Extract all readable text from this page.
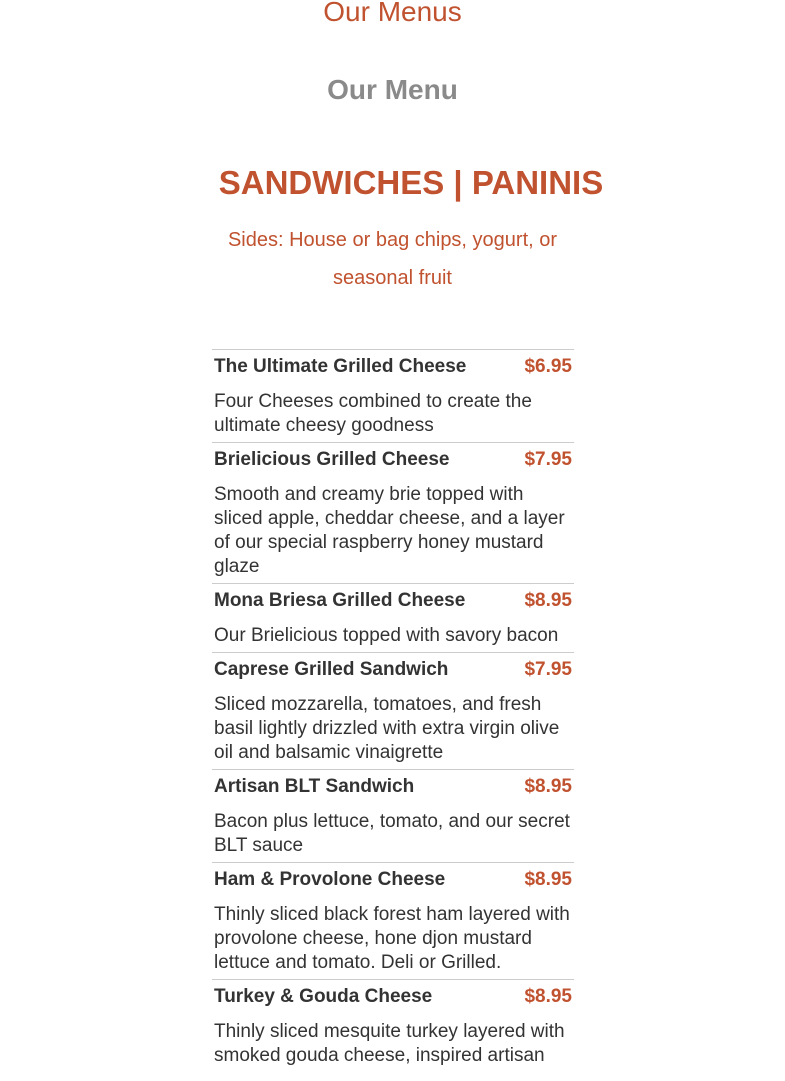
Our Menus
Our Menu
SANDWICHES | PANINIS

Sides: House or bag chips, yogurt, or seasonal fruit

The Ultimate Grilled Cheese	$6.95
Four Cheeses combined to create the ultimate cheesy goodness
Brielicious Grilled Cheese	$7.95
Smooth and creamy brie topped with sliced apple, cheddar cheese, and a layer of our special raspberry honey mustard glaze
Mona Briesa Grilled Cheese	$8.95
Our Brielicious topped with savory bacon
Caprese Grilled Sandwich	$7.95
Sliced mozzarella, tomatoes, and fresh basil lightly drizzled with extra virgin olive oil and balsamic vinaigrette
Artisan BLT Sandwich	$8.95
Bacon plus lettuce, tomato, and our secret BLT sauce
Ham & Provolone Cheese	$8.95
Thinly sliced black forest ham layered with provolone cheese, hone djon mustard lettuce and tomato. Deli or Grilled.
Turkey & Gouda Cheese	$8.95
Thinly sliced mesquite turkey layered with smoked gouda cheese, inspired artisan
